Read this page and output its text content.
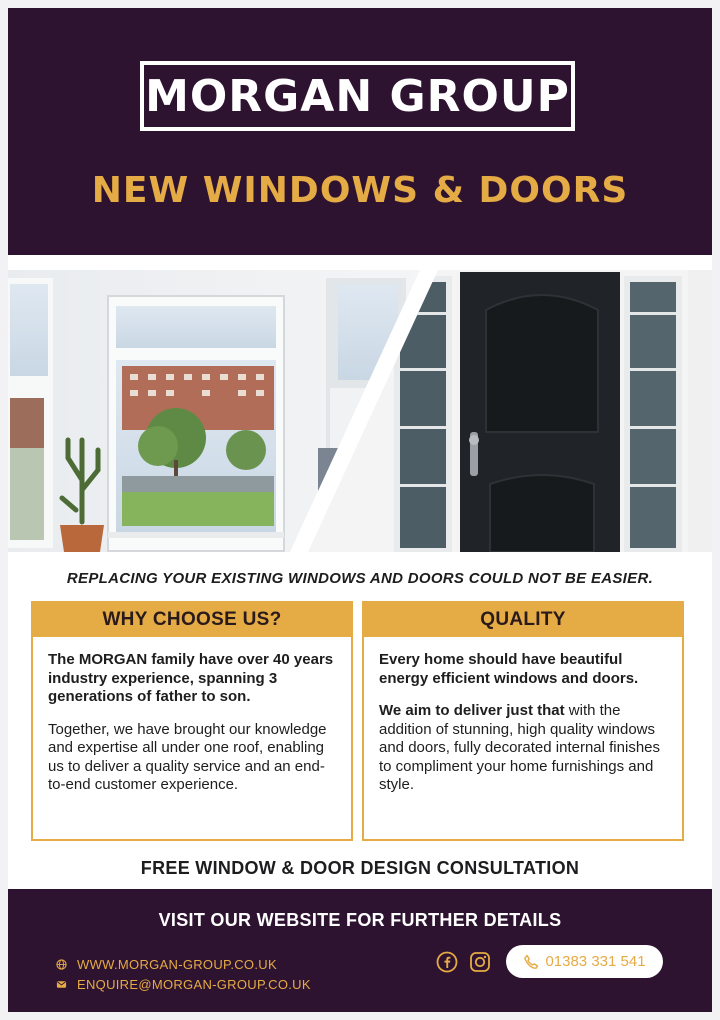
MORGAN GROUP
NEW WINDOWS & DOORS
REPLACING YOUR EXISTING WINDOWS AND DOORS COULD NOT BE EASIER.
WHY CHOOSE US?

The MORGAN family have over 40 years industry experience, spanning 3 generations of father to son.

Together, we have brought our knowledge and expertise all under one roof, enabling us to deliver a quality service and an end-to-end customer experience.

QUALITY

Every home should have beautiful energy efficient windows and doors.

We aim to deliver just that with the addition of stunning, high quality windows and doors, fully decorated internal finishes to compliment your home furnishings and style.

FREE WINDOW & DOOR DESIGN CONSULTATION
VISIT OUR WEBSITE FOR FURTHER DETAILS
WWW.MORGAN-GROUP.CO.UK
ENQUIRE@MORGAN-GROUP.CO.UK
01383 331 541
